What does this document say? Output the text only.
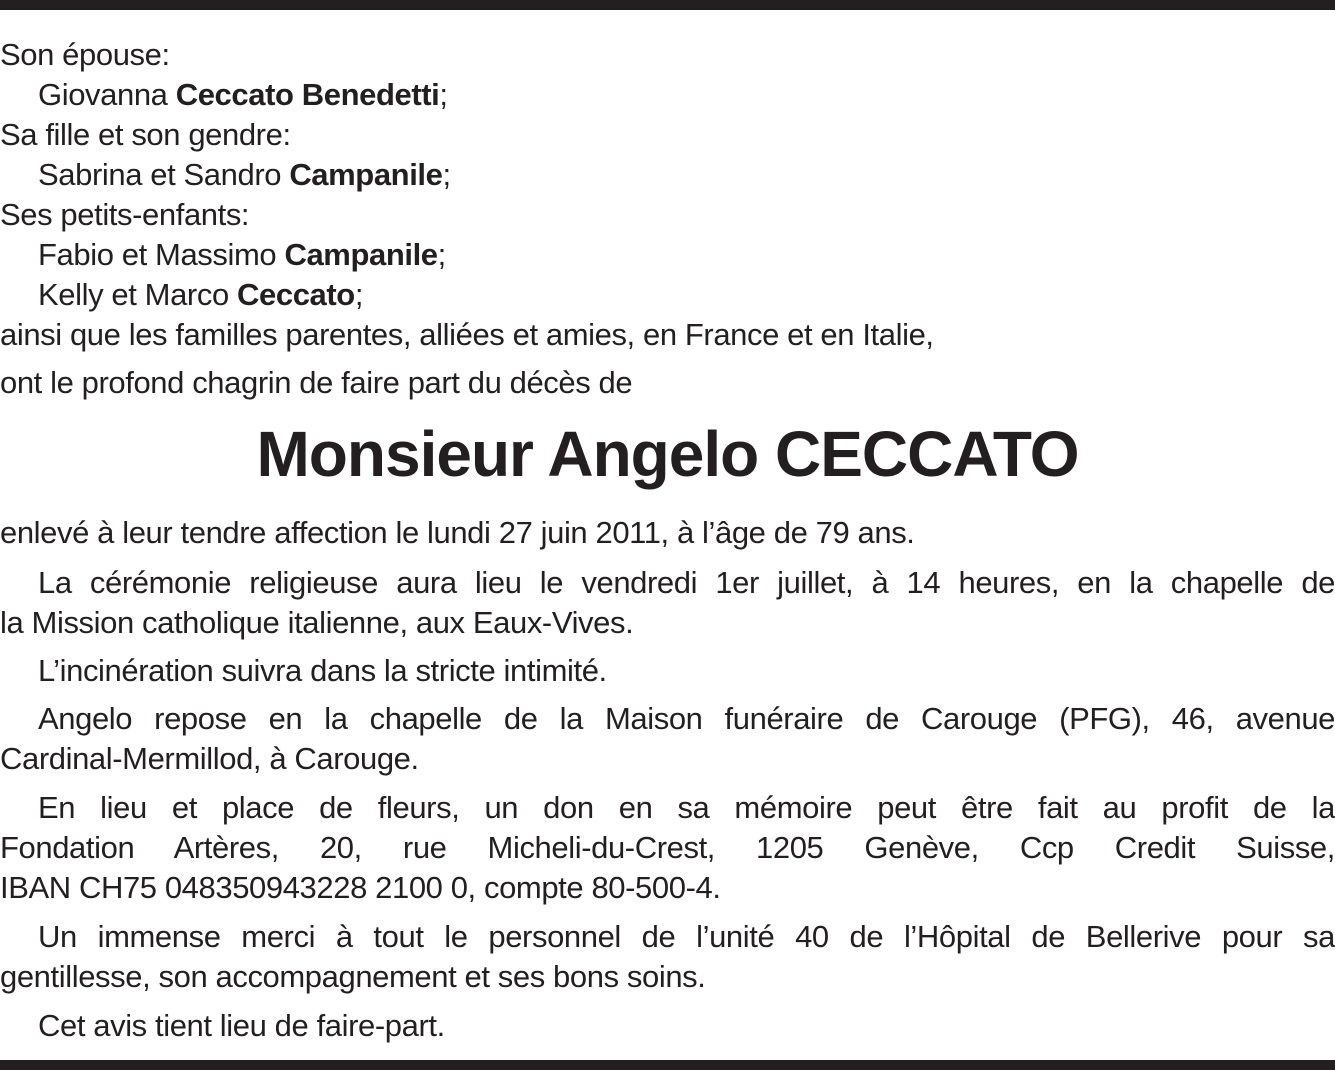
Son épouse:
Giovanna Ceccato Benedetti;
Sa fille et son gendre:
Sabrina et Sandro Campanile;
Ses petits-enfants:
Fabio et Massimo Campanile;
Kelly et Marco Ceccato;
ainsi que les familles parentes, alliées et amies, en France et en Italie,
ont le profond chagrin de faire part du décès de
Monsieur Angelo CECCATO
enlevé à leur tendre affection le lundi 27 juin 2011, à l’âge de 79 ans.
La cérémonie religieuse aura lieu le vendredi 1er juillet, à 14 heures, en la chapelle de
la Mission catholique italienne, aux Eaux-Vives.
L’incinération suivra dans la stricte intimité.
Angelo repose en la chapelle de la Maison funéraire de Carouge (PFG), 46, avenue
Cardinal-Mermillod, à Carouge.
En lieu et place de fleurs, un don en sa mémoire peut être fait au profit de la
Fondation Artères, 20, rue Micheli-du-Crest, 1205 Genève, Ccp Credit Suisse,
IBAN CH75 048350943228 2100 0, compte 80-500-4.
Un immense merci à tout le personnel de l’unité 40 de l’Hôpital de Bellerive pour sa
gentillesse, son accompagnement et ses bons soins.
Cet avis tient lieu de faire-part.
